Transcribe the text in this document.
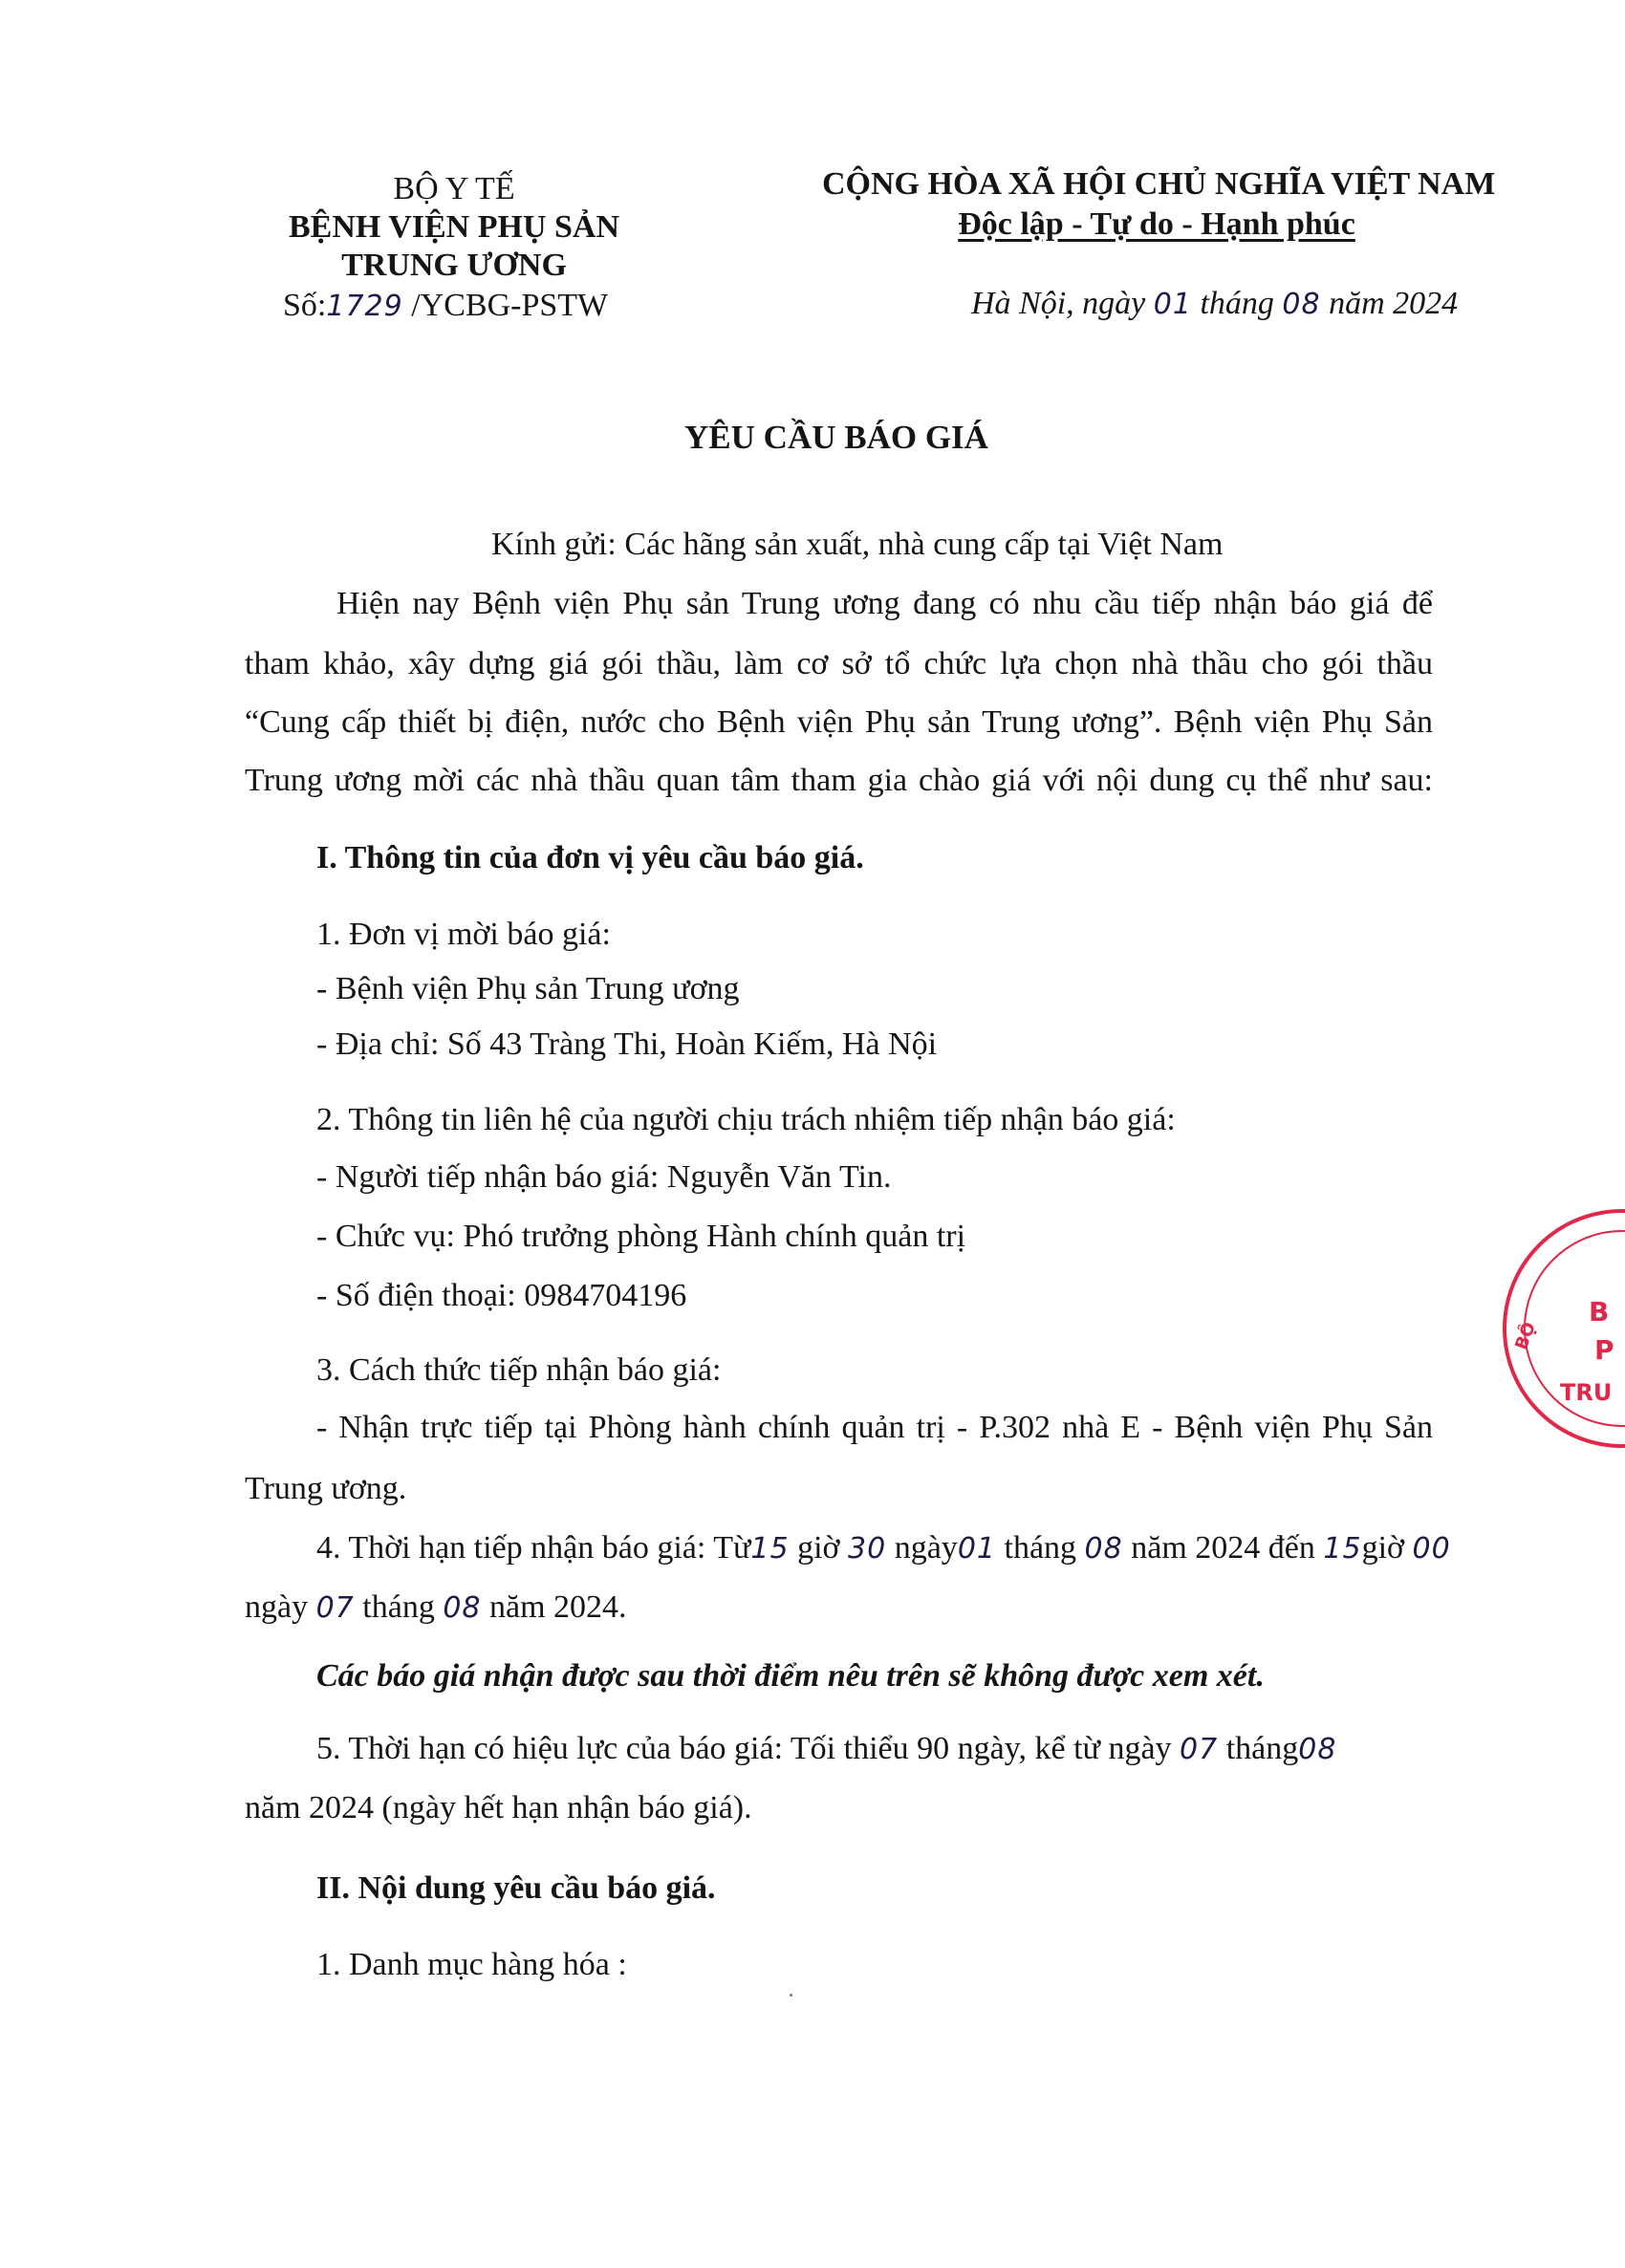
BỘ Y TẾ
BỆNH VIỆN PHỤ SẢN
TRUNG ƯƠNG
Số:1729 /YCBG-PSTW
CỘNG HÒA XÃ HỘI CHỦ NGHĨA VIỆT NAM
Độc lập - Tự do - Hạnh phúc
Hà Nội, ngày 01 tháng 08 năm 2024
YÊU CẦU BÁO GIÁ
Kính gửi: Các hãng sản xuất, nhà cung cấp tại Việt Nam
Hiện nay Bệnh viện Phụ sản Trung ương đang có nhu cầu tiếp nhận báo giá để
tham khảo, xây dựng giá gói thầu, làm cơ sở tổ chức lựa chọn nhà thầu cho gói thầu
“Cung cấp thiết bị điện, nước cho Bệnh viện Phụ sản Trung ương”. Bệnh viện Phụ Sản
Trung ương mời các nhà thầu quan tâm tham gia chào giá với nội dung cụ thể như sau:
I. Thông tin của đơn vị yêu cầu báo giá.
1. Đơn vị mời báo giá:
- Bệnh viện Phụ sản Trung ương
- Địa chỉ: Số 43 Tràng Thi, Hoàn Kiếm, Hà Nội
2. Thông tin liên hệ của người chịu trách nhiệm tiếp nhận báo giá:
- Người tiếp nhận báo giá: Nguyễn Văn Tin.
- Chức vụ: Phó trưởng phòng Hành chính quản trị
- Số điện thoại: 0984704196
3. Cách thức tiếp nhận báo giá:
- Nhận trực tiếp tại Phòng hành chính quản trị - P.302 nhà E - Bệnh viện Phụ Sản
Trung ương.
4. Thời hạn tiếp nhận báo giá: Từ15 giờ 30 ngày01 tháng 08 năm 2024 đến 15giờ 00
ngày 07 tháng 08 năm 2024.
Các báo giá nhận được sau thời điểm nêu trên sẽ không được xem xét.
5. Thời hạn có hiệu lực của báo giá: Tối thiểu 90 ngày, kể từ ngày 07 tháng08
năm 2024 (ngày hết hạn nhận báo giá).
II. Nội dung yêu cầu báo giá.
1. Danh mục hàng hóa :
BỘ
B
P
TRU
